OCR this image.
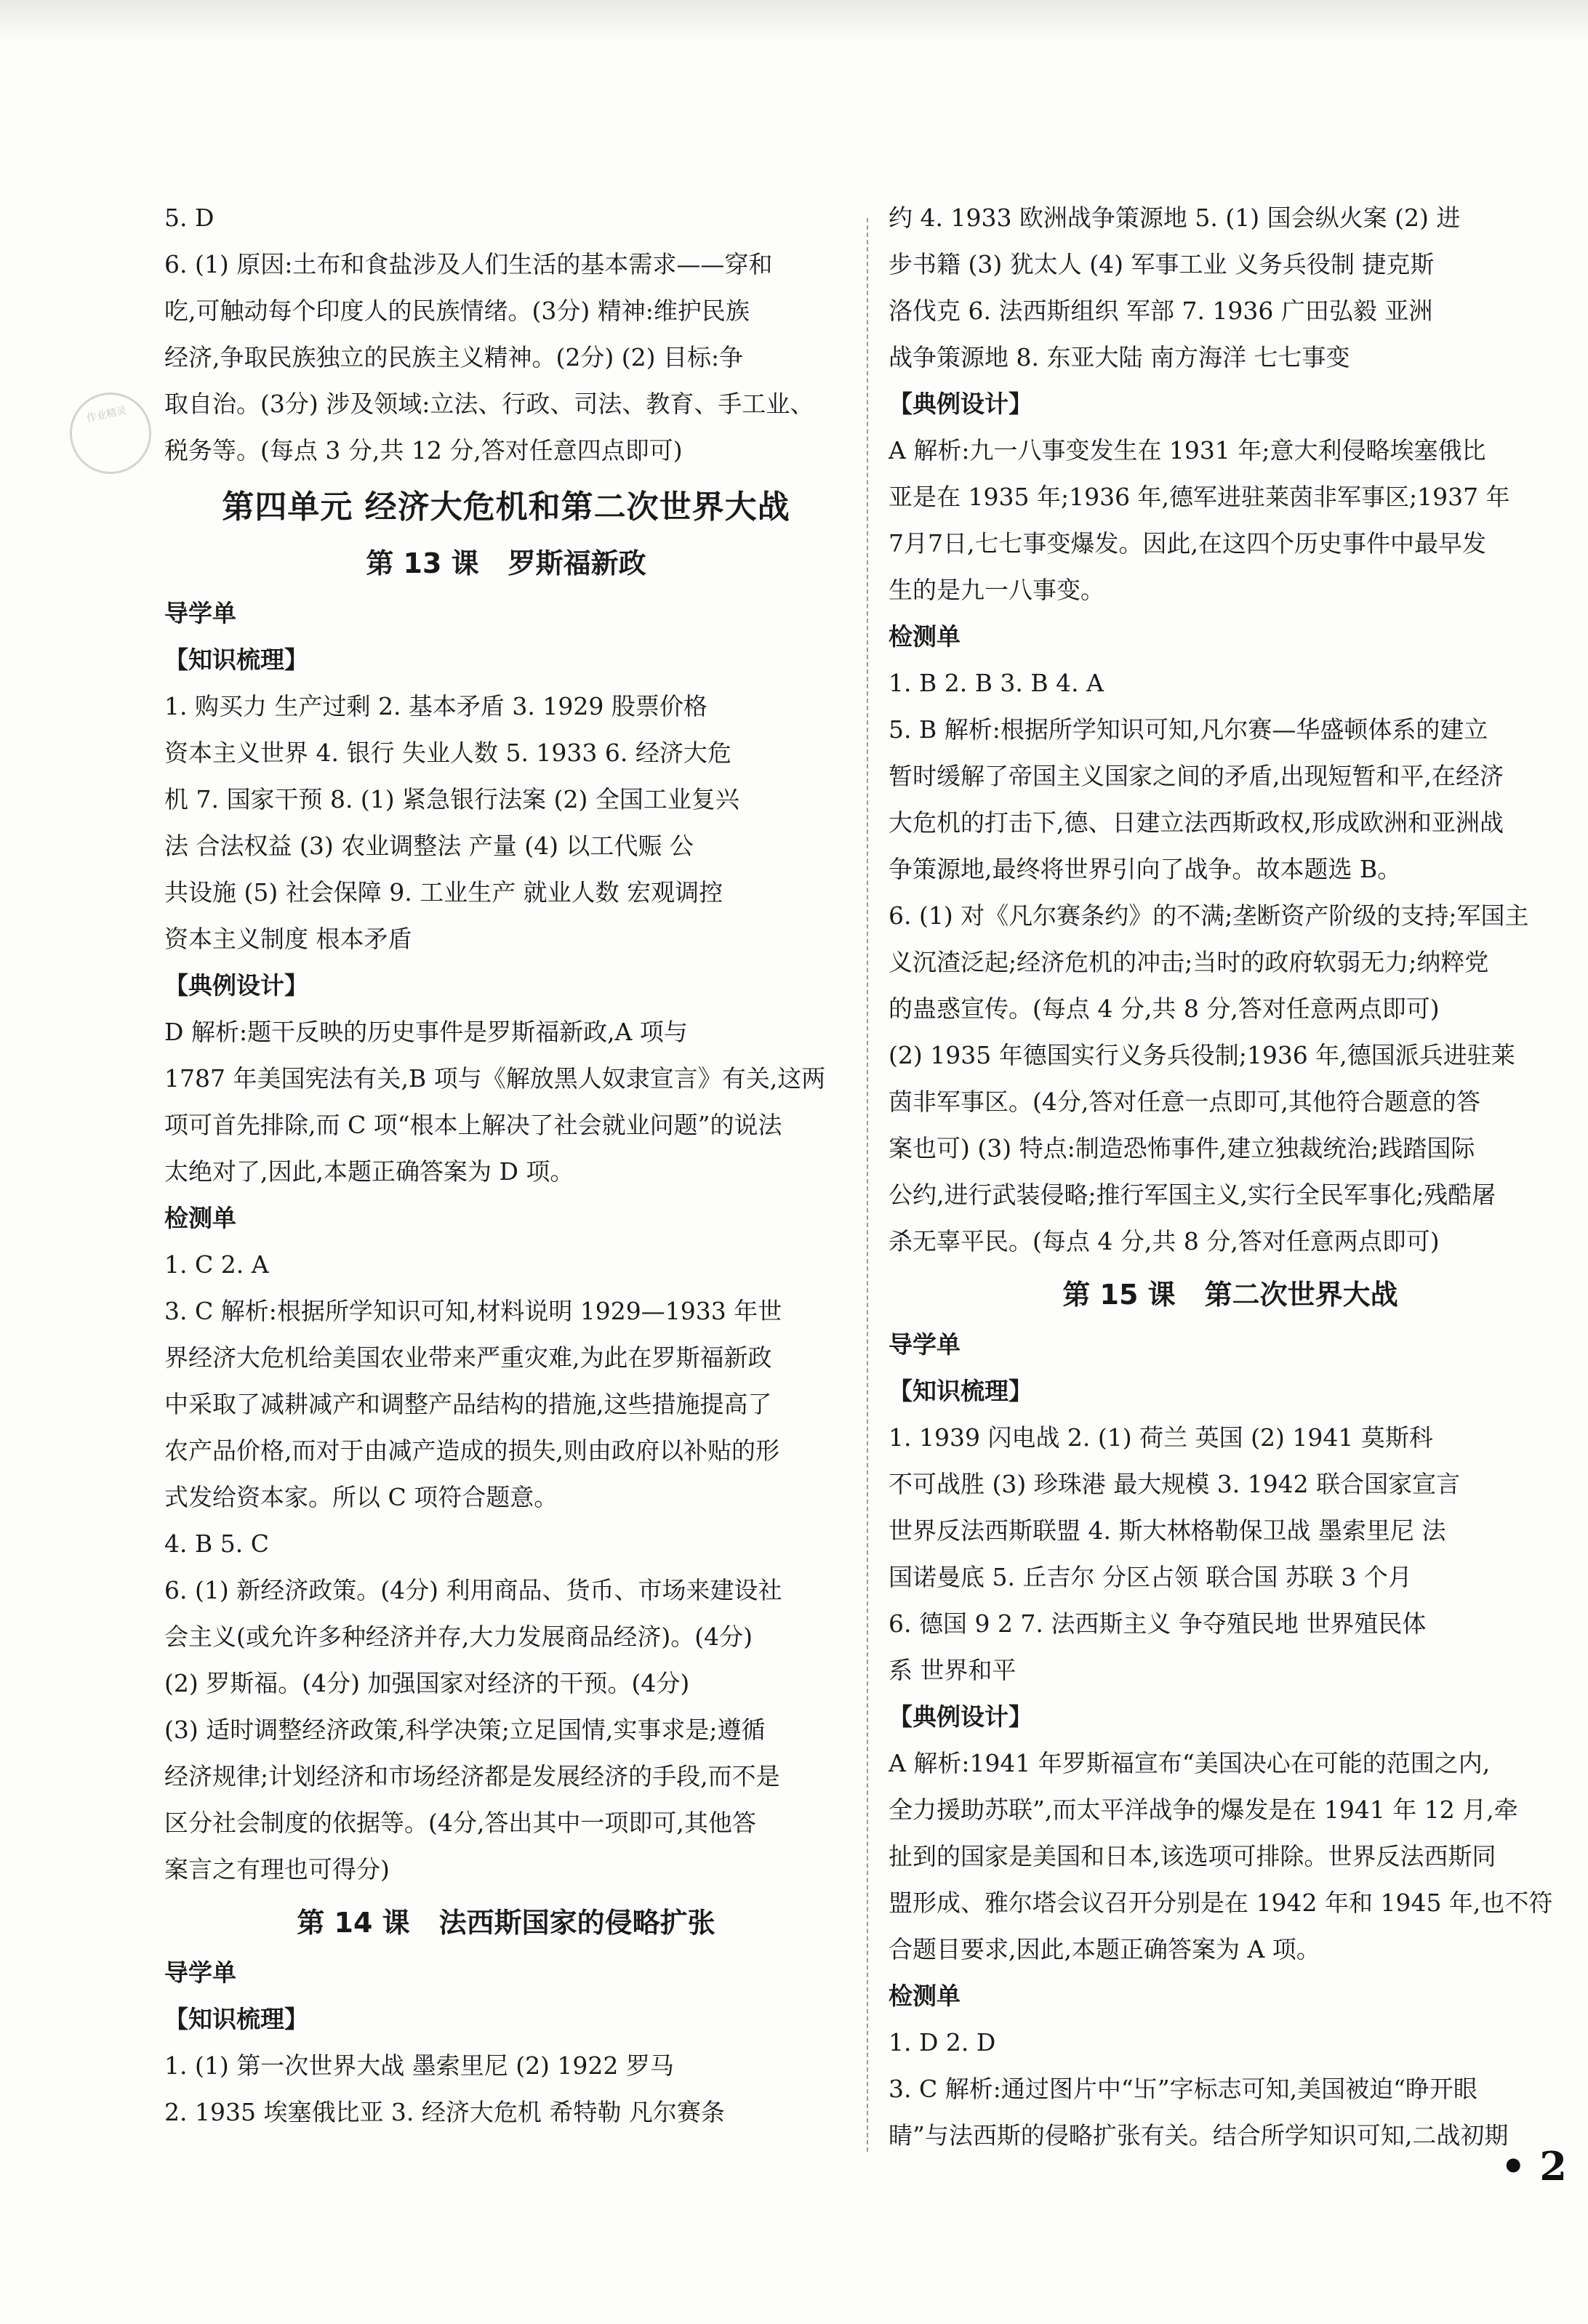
作业精灵

5. D

6. (1) 原因:土布和食盐涉及人们生活的基本需求——穿和

吃,可触动每个印度人的民族情绪。(3分) 精神:维护民族

经济,争取民族独立的民族主义精神。(2分) (2) 目标:争

取自治。(3分) 涉及领域:立法、行政、司法、教育、手工业、

税务等。(每点 3 分,共 12 分,答对任意四点即可)

第四单元 经济大危机和第二次世界大战
第 13 课 罗斯福新政

导学单

【知识梳理】

1. 购买力 生产过剩 2. 基本矛盾 3. 1929 股票价格

资本主义世界 4. 银行 失业人数 5. 1933 6. 经济大危

机 7. 国家干预 8. (1) 紧急银行法案 (2) 全国工业复兴

法 合法权益 (3) 农业调整法 产量 (4) 以工代赈 公

共设施 (5) 社会保障 9. 工业生产 就业人数 宏观调控

资本主义制度 根本矛盾

【典例设计】

D 解析:题干反映的历史事件是罗斯福新政,A 项与

1787 年美国宪法有关,B 项与《解放黑人奴隶宣言》有关,这两

项可首先排除,而 C 项“根本上解决了社会就业问题”的说法

太绝对了,因此,本题正确答案为 D 项。

检测单

1. C 2. A

3. C 解析:根据所学知识可知,材料说明 1929—1933 年世

界经济大危机给美国农业带来严重灾难,为此在罗斯福新政

中采取了减耕减产和调整产品结构的措施,这些措施提高了

农产品价格,而对于由减产造成的损失,则由政府以补贴的形

式发给资本家。所以 C 项符合题意。

4. B 5. C

6. (1) 新经济政策。(4分) 利用商品、货币、市场来建设社

会主义(或允许多种经济并存,大力发展商品经济)。(4分)

(2) 罗斯福。(4分) 加强国家对经济的干预。(4分)

(3) 适时调整经济政策,科学决策;立足国情,实事求是;遵循

经济规律;计划经济和市场经济都是发展经济的手段,而不是

区分社会制度的依据等。(4分,答出其中一项即可,其他答

案言之有理也可得分)

第 14 课 法西斯国家的侵略扩张

导学单

【知识梳理】

1. (1) 第一次世界大战 墨索里尼 (2) 1922 罗马

2. 1935 埃塞俄比亚 3. 经济大危机 希特勒 凡尔赛条

约 4. 1933 欧洲战争策源地 5. (1) 国会纵火案 (2) 进

步书籍 (3) 犹太人 (4) 军事工业 义务兵役制 捷克斯

洛伐克 6. 法西斯组织 军部 7. 1936 广田弘毅 亚洲

战争策源地 8. 东亚大陆 南方海洋 七七事变

【典例设计】

A 解析:九一八事变发生在 1931 年;意大利侵略埃塞俄比

亚是在 1935 年;1936 年,德军进驻莱茵非军事区;1937 年

7月7日,七七事变爆发。因此,在这四个历史事件中最早发

生的是九一八事变。

检测单

1. B 2. B 3. B 4. A

5. B 解析:根据所学知识可知,凡尔赛—华盛顿体系的建立

暂时缓解了帝国主义国家之间的矛盾,出现短暂和平,在经济

大危机的打击下,德、日建立法西斯政权,形成欧洲和亚洲战

争策源地,最终将世界引向了战争。故本题选 B。

6. (1) 对《凡尔赛条约》的不满;垄断资产阶级的支持;军国主

义沉渣泛起;经济危机的冲击;当时的政府软弱无力;纳粹党

的蛊惑宣传。(每点 4 分,共 8 分,答对任意两点即可)

(2) 1935 年德国实行义务兵役制;1936 年,德国派兵进驻莱

茵非军事区。(4分,答对任意一点即可,其他符合题意的答

案也可) (3) 特点:制造恐怖事件,建立独裁统治;践踏国际

公约,进行武装侵略;推行军国主义,实行全民军事化;残酷屠

杀无辜平民。(每点 4 分,共 8 分,答对任意两点即可)

第 15 课 第二次世界大战

导学单

【知识梳理】

1. 1939 闪电战 2. (1) 荷兰 英国 (2) 1941 莫斯科

不可战胜 (3) 珍珠港 最大规模 3. 1942 联合国家宣言

世界反法西斯联盟 4. 斯大林格勒保卫战 墨索里尼 法

国诺曼底 5. 丘吉尔 分区占领 联合国 苏联 3 个月

6. 德国 9 2 7. 法西斯主义 争夺殖民地 世界殖民体

系 世界和平

【典例设计】

A 解析:1941 年罗斯福宣布“美国决心在可能的范围之内,

全力援助苏联”,而太平洋战争的爆发是在 1941 年 12 月,牵

扯到的国家是美国和日本,该选项可排除。世界反法西斯同

盟形成、雅尔塔会议召开分别是在 1942 年和 1945 年,也不符

合题目要求,因此,本题正确答案为 A 项。

检测单

1. D 2. D

3. C 解析:通过图片中“卐”字标志可知,美国被迫“睁开眼

睛”与法西斯的侵略扩张有关。结合所学知识可知,二战初期

• 2
